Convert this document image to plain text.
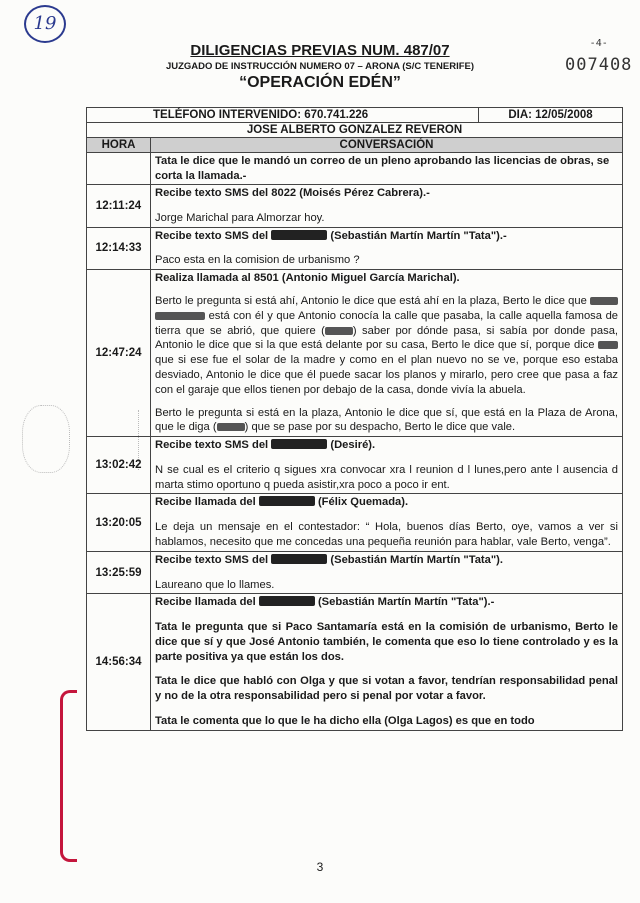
19
-4-
007408
DILIGENCIAS PREVIAS NUM. 487/07
JUZGADO DE INSTRUCCIÓN NUMERO 07 – ARONA (S/C TENERIFE)
“OPERACIÓN EDÉN”
TELÉFONO INTERVENIDO: 670.741.226		DIA: 12/05/2008
JOSE ALBERTO GONZALEZ REVERON		
HORA	CONVERSACIÓN	
	Tata le dice que le mandó un correo de un pleno aprobando las licencias de obras, se corta la llamada.-	
12:11:24	Recibe texto SMS del 8022 (Moisés Pérez Cabrera).-

Jorge Marichal para Almorzar hoy.	

12:14:33	Recibe texto SMS del (Sebastián Martín Martín "Tata").-

Paco esta en la comision de urbanismo ?	

12:47:24	Realiza llamada al 8501 (Antonio Miguel García Marichal).

Berto le pregunta si está ahí, Antonio le dice que está ahí en la plaza, Berto le dice que   está con él y que Antonio conocía la calle que pasaba, la calle aquella famosa de tierra que se abrió, que quiere ( ) saber por dónde pasa, si sabía por donde pasa, Antonio le dice que si la que está delante por su casa, Berto le dice que sí, porque dice  que si ese fue el solar de la madre y como en el plan nuevo no se ve, porque eso estaba desviado, Antonio le dice que él puede sacar los planos y mirarlo, pero cree que pasa a faz con el garaje que ellos tienen por debajo de la casa, donde vivía la abuela.

Berto le pregunta si está en la plaza, Antonio le dice que sí, que está en la Plaza de Arona, que le diga ( ) que se pase por su despacho, Berto le dice que vale.	

13:02:42	Recibe texto SMS del (Desiré).

N se cual es el criterio q sigues xra convocar xra l reunion d l lunes,pero ante l ausencia d marta stimo oportuno q pueda asistir,xra poco a poco ir ent.	

13:20:05	Recibe llamada del (Félix Quemada).

Le deja un mensaje en el contestador: “ Hola, buenos días Berto, oye, vamos a ver si hablamos, necesito que me concedas una pequeña reunión para hablar, vale Berto, venga”.	

13:25:59	Recibe texto SMS del (Sebastián Martín Martín "Tata").

Laureano que lo llames.	

14:56:34	Recibe llamada del (Sebastián Martín Martín "Tata").-

Tata le pregunta que si Paco Santamaría está en la comisión de urbanismo, Berto le dice que sí y que José Antonio también, le comenta que eso lo tiene controlado y es la parte positiva ya que están los dos.

Tata le dice que habló con Olga y que si votan a favor, tendrían responsabilidad penal y no de la otra responsabilidad pero si penal por votar a favor.

Tata le comenta que lo que le ha dicho ella (Olga Lagos) es que en todo	

3
